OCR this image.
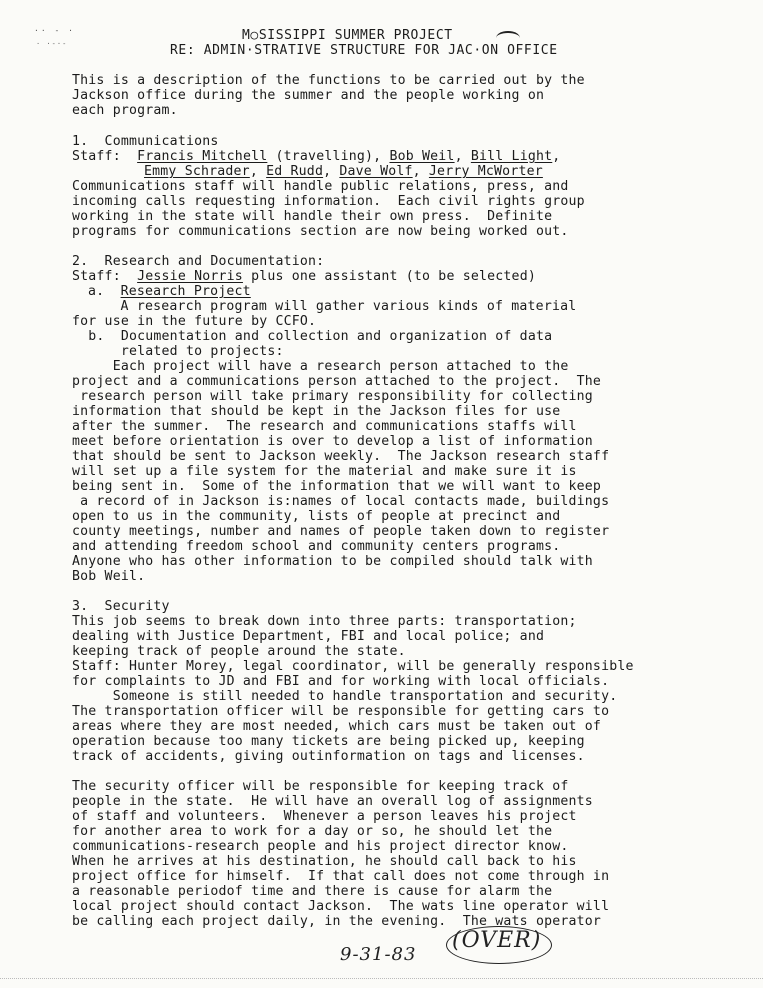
·· - ·
· ·-·-
M○SISSIPPI SUMMER PROJECT
RE: ADMIN·STRATIVE STRUCTURE FOR JAC·ON OFFICE
This is a description of the functions to be carried out by the
Jackson office during the summer and the people working on
each program.
1.  Communications
Staff:  Francis Mitchell (travelling), Bob Weil, Bill Light,
Emmy Schrader, Ed Rudd, Dave Wolf, Jerry McWorter
Communications staff will handle public relations, press, and
incoming calls requesting information.  Each civil rights group
working in the state will handle their own press.  Definite
programs for communications section are now being worked out.
2.  Research and Documentation:
Staff:  Jessie Norris plus one assistant (to be selected)
a.  Research Project
A research program will gather various kinds of material
for use in the future by CCFO.
b.  Documentation and collection and organization of data
related to projects:
Each project will have a research person attached to the
project and a communications person attached to the project.  The
research person will take primary responsibility for collecting
information that should be kept in the Jackson files for use
after the summer.  The research and communications staffs will
meet before orientation is over to develop a list of information
that should be sent to Jackson weekly.  The Jackson research staff
will set up a file system for the material and make sure it is
being sent in.  Some of the information that we will want to keep
a record of in Jackson is:names of local contacts made, buildings
open to us in the community, lists of people at precinct and
county meetings, number and names of people taken down to register
and attending freedom school and community centers programs.
Anyone who has other information to be compiled should talk with
Bob Weil.
3.  Security
This job seems to break down into three parts: transportation;
dealing with Justice Department, FBI and local police; and
keeping track of people around the state.
Staff: Hunter Morey, legal coordinator, will be generally responsible
for complaints to JD and FBI and for working with local officials.
Someone is still needed to handle transportation and security.
The transportation officer will be responsible for getting cars to
areas where they are most needed, which cars must be taken out of
operation because too many tickets are being picked up, keeping
track of accidents, giving outinformation on tags and licenses.
The security officer will be responsible for keeping track of
people in the state.  He will have an overall log of assignments
of staff and volunteers.  Whenever a person leaves his project
for another area to work for a day or so, he should let the
communications-research people and his project director know.
When he arrives at his destination, he should call back to his
project office for himself.  If that call does not come through in
a reasonable periodof time and there is cause for alarm the
local project should contact Jackson.  The wats line operator will
be calling each project daily, in the evening.  The wats operator
9-31-83
(OVER)
